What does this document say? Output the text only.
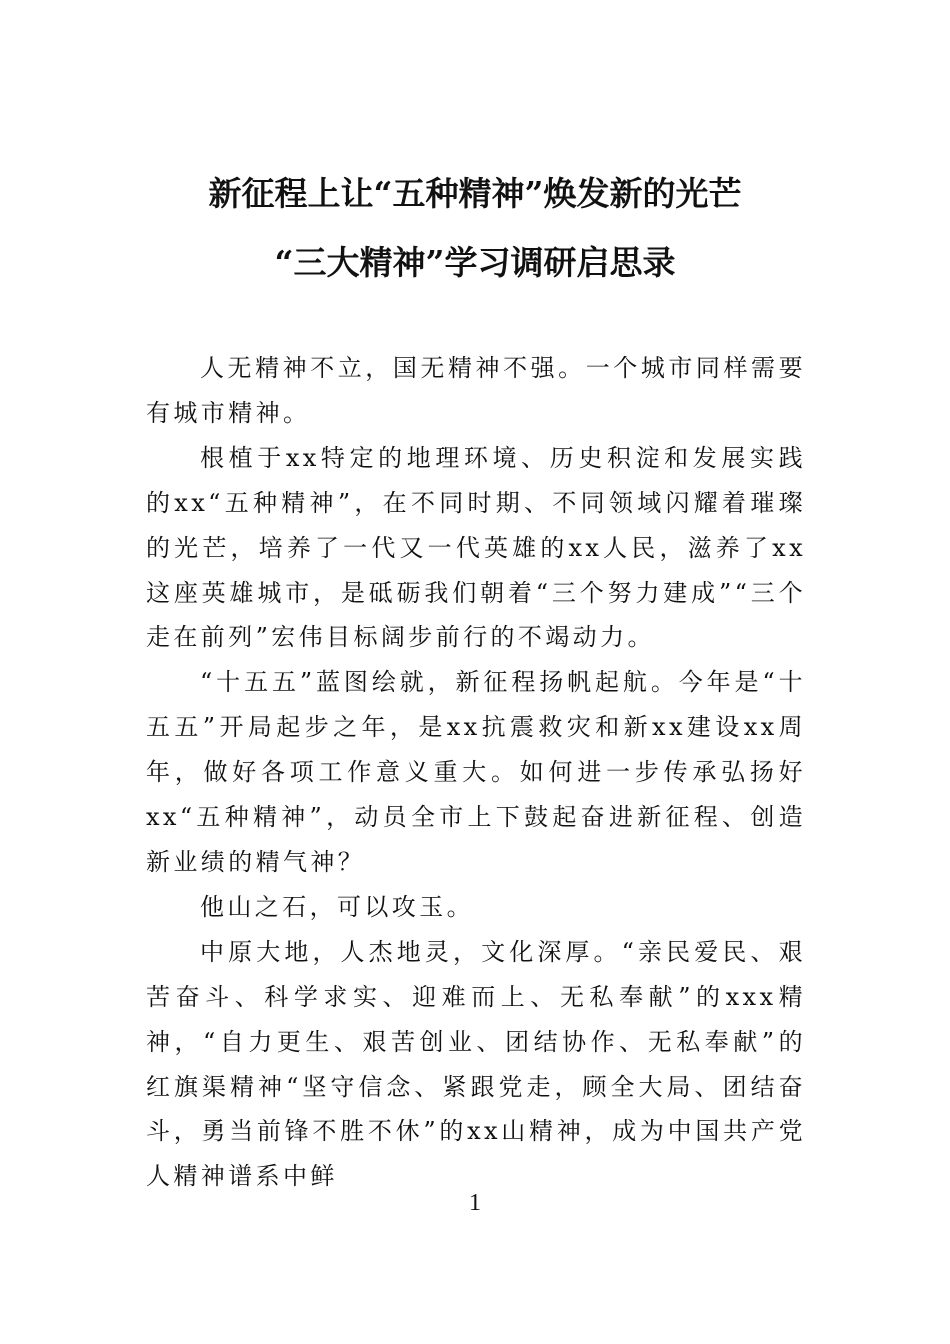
新征程上让“五种精神”焕发新的光芒
“三大精神”学习调研启思录

人无精神不立，国无精神不强。一个城市同样需要有城市精神。

根植于xx特定的地理环境、历史积淀和发展实践的xx“五种精神”，在不同时期、不同领域闪耀着璀璨的光芒，培养了一代又一代英雄的xx人民，滋养了xx这座英雄城市，是砥砺我们朝着“三个努力建成”“三个走在前列”宏伟目标阔步前行的不竭动力。

“十五五”蓝图绘就，新征程扬帆起航。今年是“十五五”开局起步之年，是xx抗震救灾和新xx建设xx周年，做好各项工作意义重大。如何进一步传承弘扬好xx“五种精神”，动员全市上下鼓起奋进新征程、创造新业绩的精气神？

他山之石，可以攻玉。

中原大地，人杰地灵，文化深厚。“亲民爱民、艰苦奋斗、科学求实、迎难而上、无私奉献”的xxx精神，“自力更生、艰苦创业、团结协作、无私奉献”的红旗渠精神“坚守信念、紧跟党走，顾全大局、团结奋斗，勇当前锋不胜不休”的xx山精神，成为中国共产党人精神谱系中鲜

1
